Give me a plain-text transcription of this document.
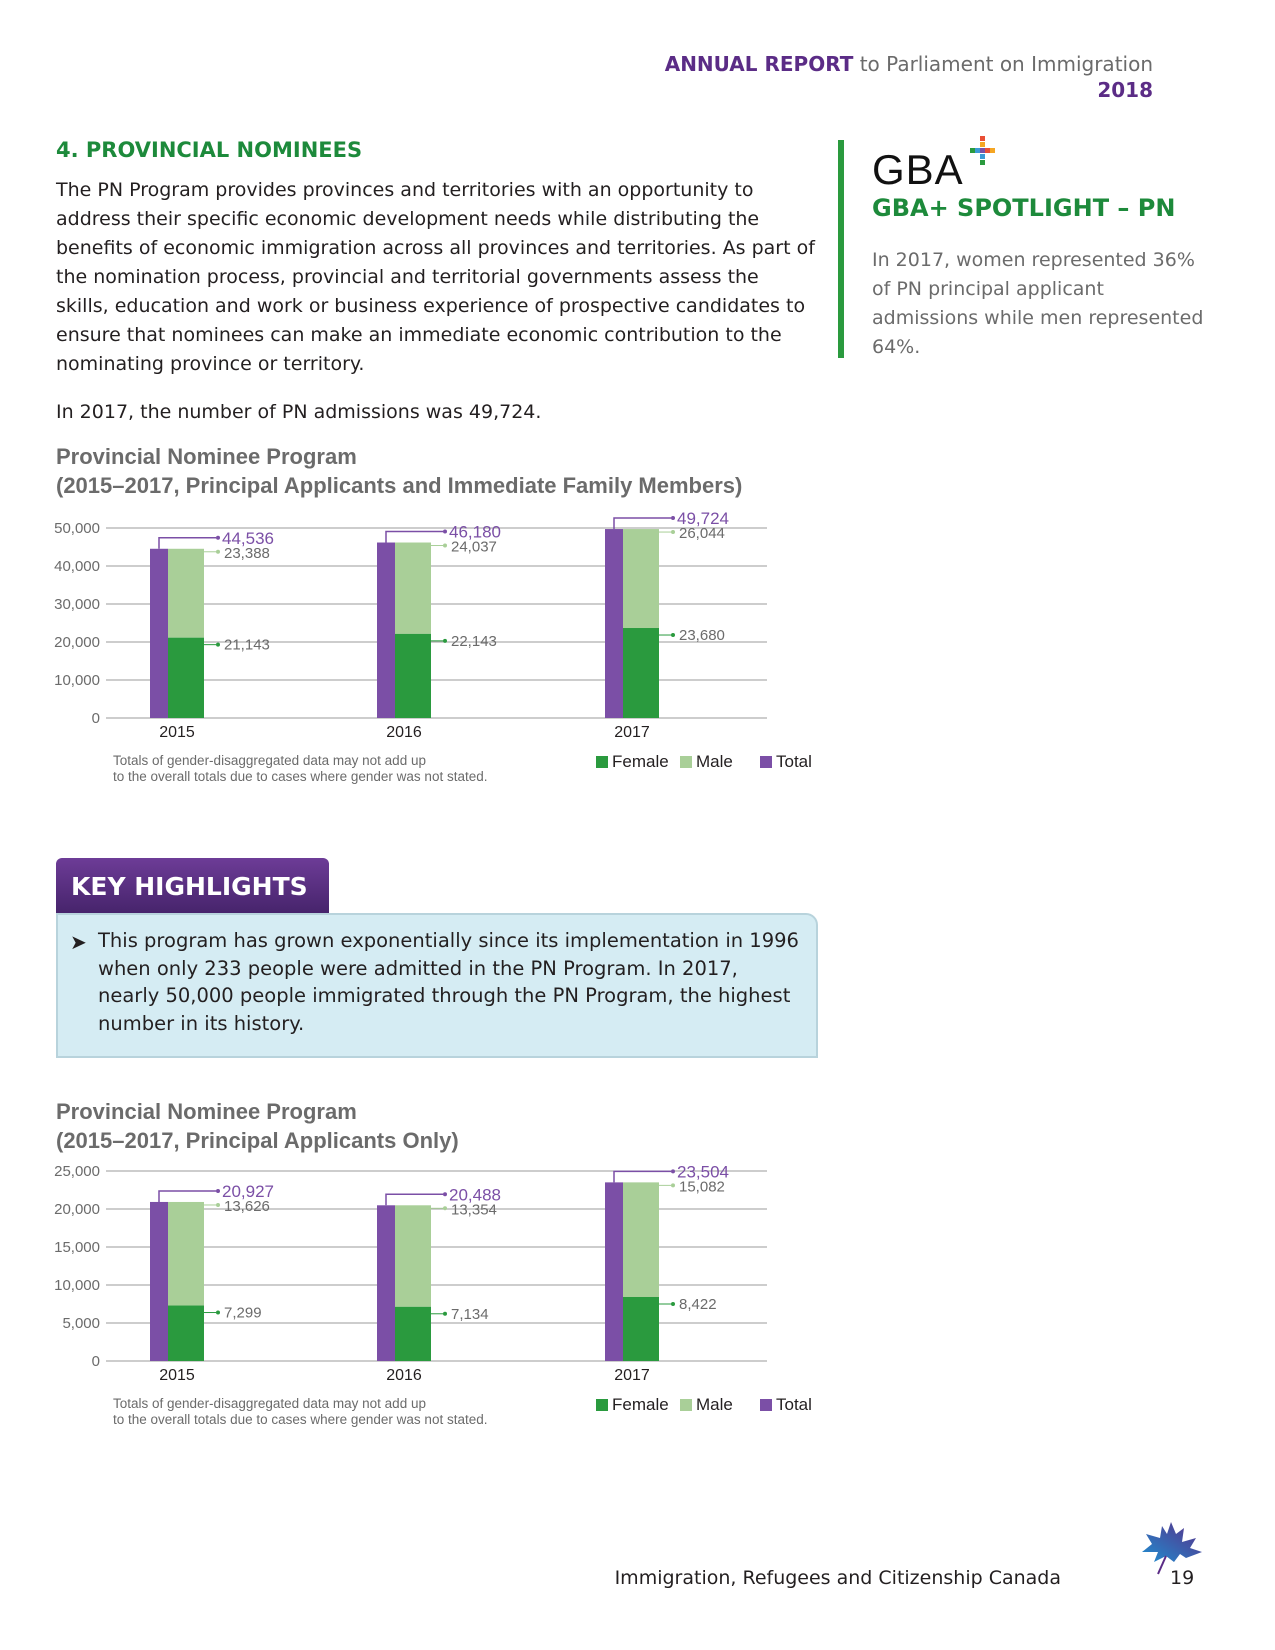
ANNUAL REPORT to Parliament on Immigration
2018
4. PROVINCIAL NOMINEES
The PN Program provides provinces and territories with an opportunity to address their specific economic development needs while distributing the benefits of economic immigration across all provinces and territories. As part of the nomination process, provincial and territorial governments assess the skills, education and work or business experience of prospective candidates to ensure that nominees can make an immediate economic contribution to the nominating province or territory.
In 2017, the number of PN admissions was 49,724.
GBA
GBA+ SPOTLIGHT – PN
In 2017, women represented 36% of PN principal applicant admissions while men represented 64%.
Provincial Nominee Program
(2015–2017, Principal Applicants and Immediate Family Members)
0
10,000
20,000
30,000
40,000
50,000
2015
44,536
23,388
21,143
2016
46,180
24,037
22,143
2017
49,724
26,044
23,680
Totals of gender-disaggregated data may not add up
to the overall totals due to cases where gender was not stated.
Female Male	Total
KEY HIGHLIGHTS
➤ This program has grown exponentially since its implementation in 1996 when only 233 people were admitted in the PN Program. In 2017, nearly 50,000 people immigrated through the PN Program, the highest number in its history.
Provincial Nominee Program
(2015–2017, Principal Applicants Only)
0
5,000
10,000
15,000
20,000
25,000
2015
20,927
13,626
7,299
2016
20,488
13,354
7,134
2017
23,504
15,082
8,422
Totals of gender-disaggregated data may not add up
to the overall totals due to cases where gender was not stated.
Female Male	Total
Immigration, Refugees and Citizenship Canada	19
